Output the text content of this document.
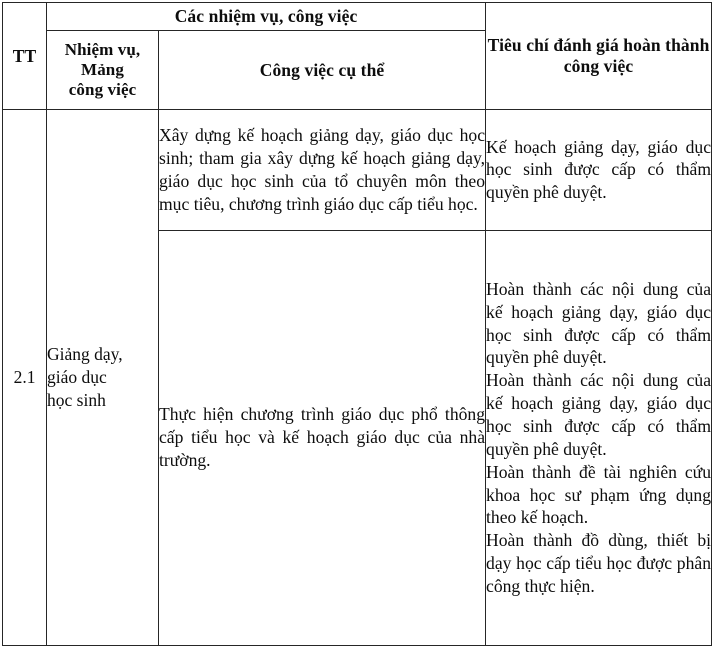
TT	Các nhiệm vụ, công việc		Tiêu chí đánh giá hoàn thành công việc
	Nhiệm vụ,
Mảng
công việc	Công việc cụ thể	
2.1	Giảng dạy,
giáo dục
học sinh	Xây dựng kế hoạch giảng dạy, giáo dục học sinh; tham gia xây dựng kế hoạch giảng dạy, giáo dục học sinh của tổ chuyên môn theo mục tiêu, chương trình giáo dục cấp tiểu học.	Kế hoạch giảng dạy, giáo dục học sinh được cấp có thẩm quyền phê duyệt.
		Thực hiện chương trình giáo dục phổ thông cấp tiểu học và kế hoạch giáo dục của nhà trường.	Hoàn thành các nội dung của kế hoạch giảng dạy, giáo dục học sinh được cấp có thẩm quyền phê duyệt.

Hoàn thành các nội dung của kế hoạch giảng dạy, giáo dục học sinh được cấp có thẩm quyền phê duyệt.

Hoàn thành đề tài nghiên cứu khoa học sư phạm ứng dụng theo kế hoạch.

Hoàn thành đồ dùng, thiết bị dạy học cấp tiểu học được phân công thực hiện.
